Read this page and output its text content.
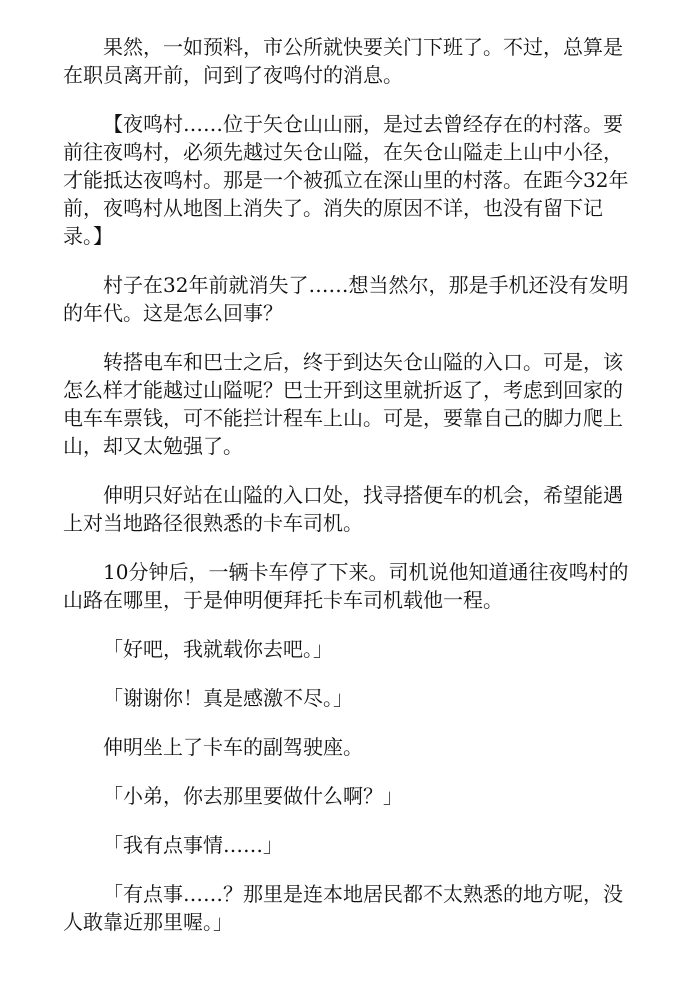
果然，一如预料，市公所就快要关门下班了。不过，总算是在职员离开前，问到了夜鸣付的消息。

【夜鸣村……位于矢仓山山丽，是过去曾经存在的村落。要前往夜鸣村，必须先越过矢仓山隘，在矢仓山隘走上山中小径，才能抵达夜鸣村。那是一个被孤立在深山里的村落。在距今32年前，夜鸣村从地图上消失了。消失的原因不详，也没有留下记录。】

村子在32年前就消失了……想当然尔，那是手机还没有发明的年代。这是怎么回事？

转搭电车和巴士之后，终于到达矢仓山隘的入口。可是，该怎么样才能越过山隘呢？巴士开到这里就折返了，考虑到回家的电车车票钱，可不能拦计程车上山。可是，要靠自己的脚力爬上山，却又太勉强了。

伸明只好站在山隘的入口处，找寻搭便车的机会，希望能遇上对当地路径很熟悉的卡车司机。

10分钟后，一辆卡车停了下来。司机说他知道通往夜鸣村的山路在哪里，于是伸明便拜托卡车司机载他一程。

「好吧，我就载你去吧。」

「谢谢你！真是感激不尽。」

伸明坐上了卡车的副驾驶座。

「小弟，你去那里要做什么啊？」

「我有点事情……」

「有点事……？那里是连本地居民都不太熟悉的地方呢，没人敢靠近那里喔。」
